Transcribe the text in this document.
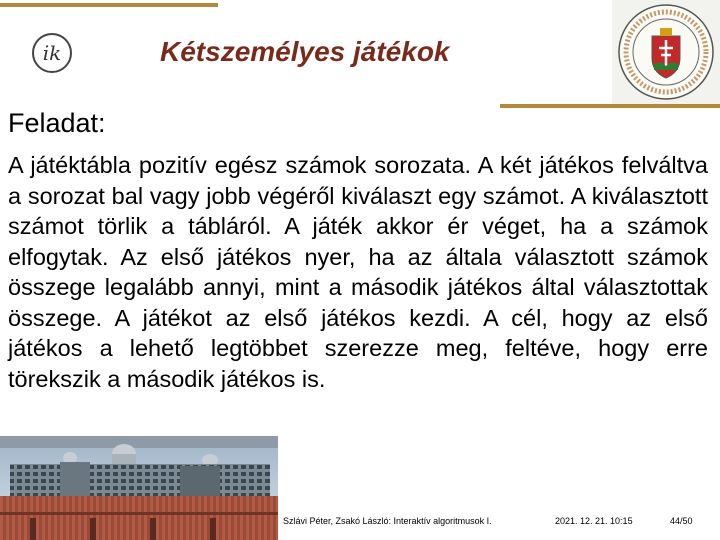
ik	Kétszemélyes játékok
Feladat:
A játéktábla pozitív egész számok sorozata. A két játékos felváltva a sorozat bal vagy jobb végéről kiválaszt egy számot. A kiválasztott számot törlik a tábláról. A játék akkor ér véget, ha a számok elfogytak. Az első játékos nyer, ha az általa választott számok összege legalább annyi, mint a második játékos által választottak összege. A játékot az első játékos kezdi. A cél, hogy az első játékos a lehető legtöbbet szerezze meg, feltéve, hogy erre törekszik a második játékos is.
Szlávi Péter, Zsakó László: Interaktív algoritmusok I.	2021. 12. 21. 10:15	44/50
